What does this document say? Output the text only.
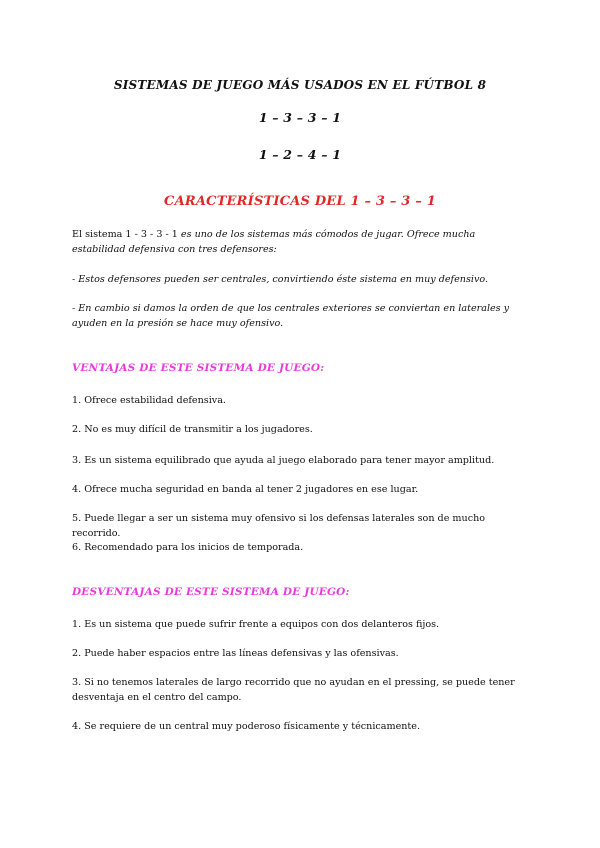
SISTEMAS DE JUEGO MÁS USADOS EN EL FÚTBOL 8
1 – 3 – 3 – 1
1 – 2 – 4 – 1
CARACTERÍSTICAS DEL 1 – 3 – 3 – 1
El sistema 1 - 3 - 3 - 1 es uno de los sistemas más cómodos de jugar. Ofrece mucha estabilidad defensiva con tres defensores:
- Estos defensores pueden ser centrales, convirtiendo éste sistema en muy defensivo.
- En cambio si damos la orden de que los centrales exteriores se conviertan en laterales y ayuden en la presión se hace muy ofensivo.
VENTAJAS DE ESTE SISTEMA DE JUEGO:
1. Ofrece estabilidad defensiva.
2. No es muy difícil de transmitir a los jugadores.
3. Es un sistema equilibrado que ayuda al juego elaborado para tener mayor amplitud.
4. Ofrece mucha seguridad en banda al tener 2 jugadores en ese lugar.
5. Puede llegar a ser un sistema muy ofensivo si los defensas laterales son de mucho recorrido.
6. Recomendado para los inicios de temporada.
DESVENTAJAS DE ESTE SISTEMA DE JUEGO:
1. Es un sistema que puede sufrir frente a equipos con dos delanteros fijos.
2. Puede haber espacios entre las líneas defensivas y las ofensivas.
3. Si no tenemos laterales de largo recorrido que no ayudan en el pressing, se puede tener desventaja en el centro del campo.
4. Se requiere de un central muy poderoso físicamente y técnicamente.
